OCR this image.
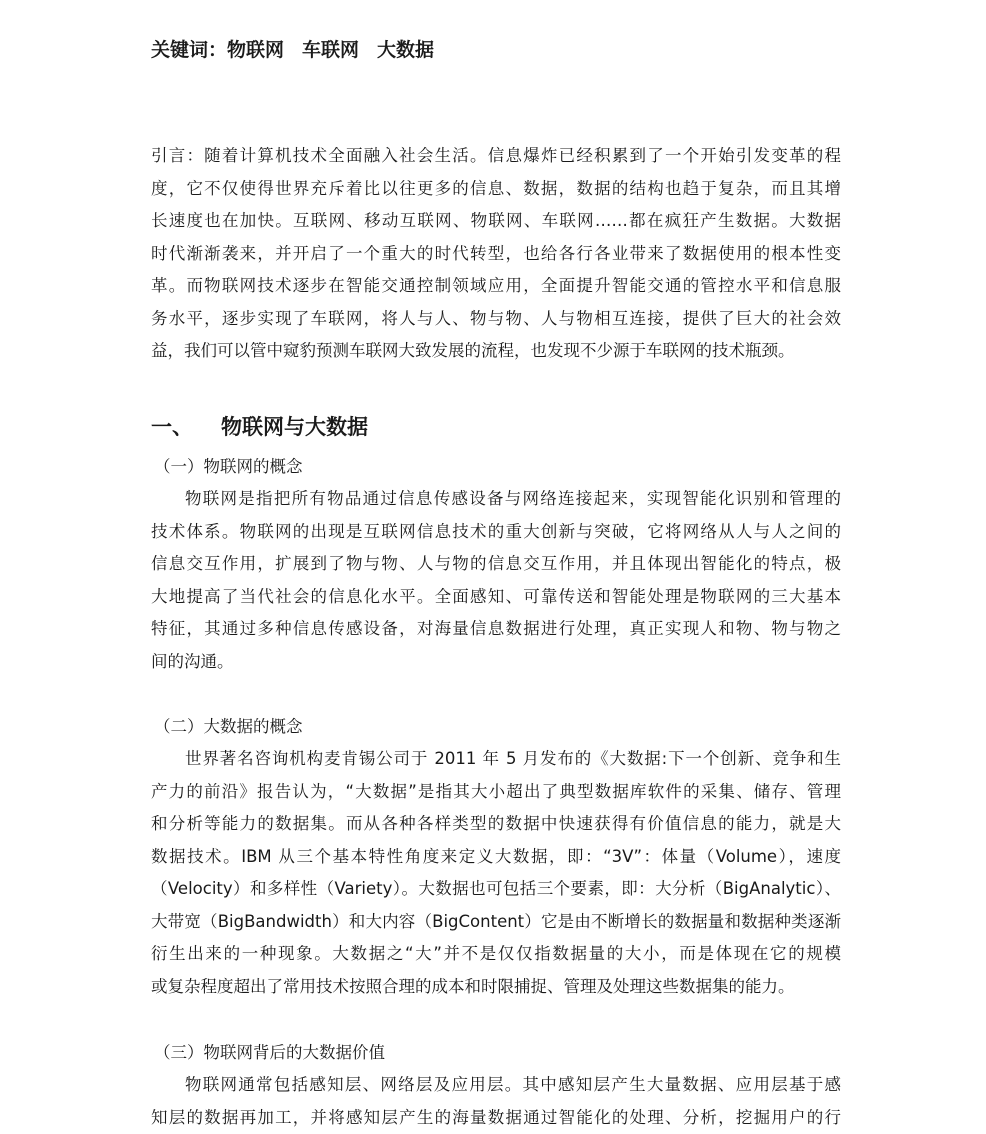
关键词：物联网 车联网 大数据
引言：随着计算机技术全面融入社会生活。信息爆炸已经积累到了一个开始引发变革的程
度，它不仅使得世界充斥着比以往更多的信息、数据，数据的结构也趋于复杂，而且其增
长速度也在加快。互联网、移动互联网、物联网、车联网……都在疯狂产生数据。大数据
时代渐渐袭来，并开启了一个重大的时代转型，也给各行各业带来了数据使用的根本性变
革。而物联网技术逐步在智能交通控制领域应用，全面提升智能交通的管控水平和信息服
务水平，逐步实现了车联网，将人与人、物与物、人与物相互连接，提供了巨大的社会效
益，我们可以管中窥豹预测车联网大致发展的流程，也发现不少源于车联网的技术瓶颈。
一、 物联网与大数据
（一）物联网的概念
物联网是指把所有物品通过信息传感设备与网络连接起来，实现智能化识别和管理的
技术体系。物联网的出现是互联网信息技术的重大创新与突破，它将网络从人与人之间的
信息交互作用，扩展到了物与物、人与物的信息交互作用，并且体现出智能化的特点，极
大地提高了当代社会的信息化水平。全面感知、可靠传送和智能处理是物联网的三大基本
特征，其通过多种信息传感设备，对海量信息数据进行处理，真正实现人和物、物与物之
间的沟通。
（二）大数据的概念
世界著名咨询机构麦肯锡公司于 2011 年 5 月发布的《大数据:下一个创新、竞争和生
产力的前沿》报告认为，“大数据”是指其大小超出了典型数据库软件的采集、储存、管理
和分析等能力的数据集。而从各种各样类型的数据中快速获得有价值信息的能力，就是大
数据技术。IBM 从三个基本特性角度来定义大数据，即：“3V”：体量（Volume），速度
（Velocity）和多样性（Variety）。大数据也可包括三个要素，即：大分析（BigAnalytic）、
大带宽（BigBandwidth）和大内容（BigContent）它是由不断增长的数据量和数据种类逐渐
衍生出来的一种现象。大数据之“大”并不是仅仅指数据量的大小，而是体现在它的规模
或复杂程度超出了常用技术按照合理的成本和时限捕捉、管理及处理这些数据集的能力。
（三）物联网背后的大数据价值
物联网通常包括感知层、网络层及应用层。其中感知层产生大量数据、应用层基于感
知层的数据再加工，并将感知层产生的海量数据通过智能化的处理、分析，挖掘用户的行
